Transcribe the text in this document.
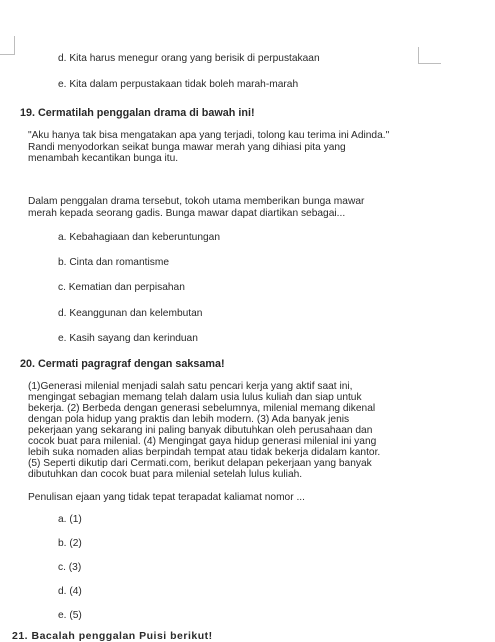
d. Kita harus menegur orang yang berisik di perpustakaan
e. Kita dalam perpustakaan tidak boleh marah-marah
19. Cermatilah penggalan drama di bawah ini!
"Aku hanya tak bisa mengatakan apa yang terjadi, tolong kau terima ini Adinda."
Randi menyodorkan seikat bunga mawar merah yang dihiasi pita yang
menambah kecantikan bunga itu.
Dalam penggalan drama tersebut, tokoh utama memberikan bunga mawar
merah kepada seorang gadis. Bunga mawar dapat diartikan sebagai...
a. Kebahagiaan dan keberuntungan
b. Cinta dan romantisme
c. Kematian dan perpisahan
d. Keanggunan dan kelembutan
e. Kasih sayang dan kerinduan
20. Cermati pagragraf dengan saksama!
(1)Generasi milenial menjadi salah satu pencari kerja yang aktif saat ini,
mengingat sebagian memang telah dalam usia lulus kuliah dan siap untuk
bekerja. (2) Berbeda dengan generasi sebelumnya, milenial memang dikenal
dengan pola hidup yang praktis dan lebih modern. (3) Ada banyak jenis
pekerjaan yang sekarang ini paling banyak dibutuhkan oleh perusahaan dan
cocok buat para milenial. (4) Mengingat gaya hidup generasi milenial ini yang
lebih suka nomaden alias berpindah tempat atau tidak bekerja didalam kantor.
(5) Seperti dikutip dari Cermati.com, berikut delapan pekerjaan yang banyak
dibutuhkan dan cocok buat para milenial setelah lulus kuliah.
Penulisan ejaan yang tidak tepat terapadat kaliamat nomor ...
a. (1)
b. (2)
c. (3)
d. (4)
e. (5)
21. Bacalah penggalan Puisi berikut!
